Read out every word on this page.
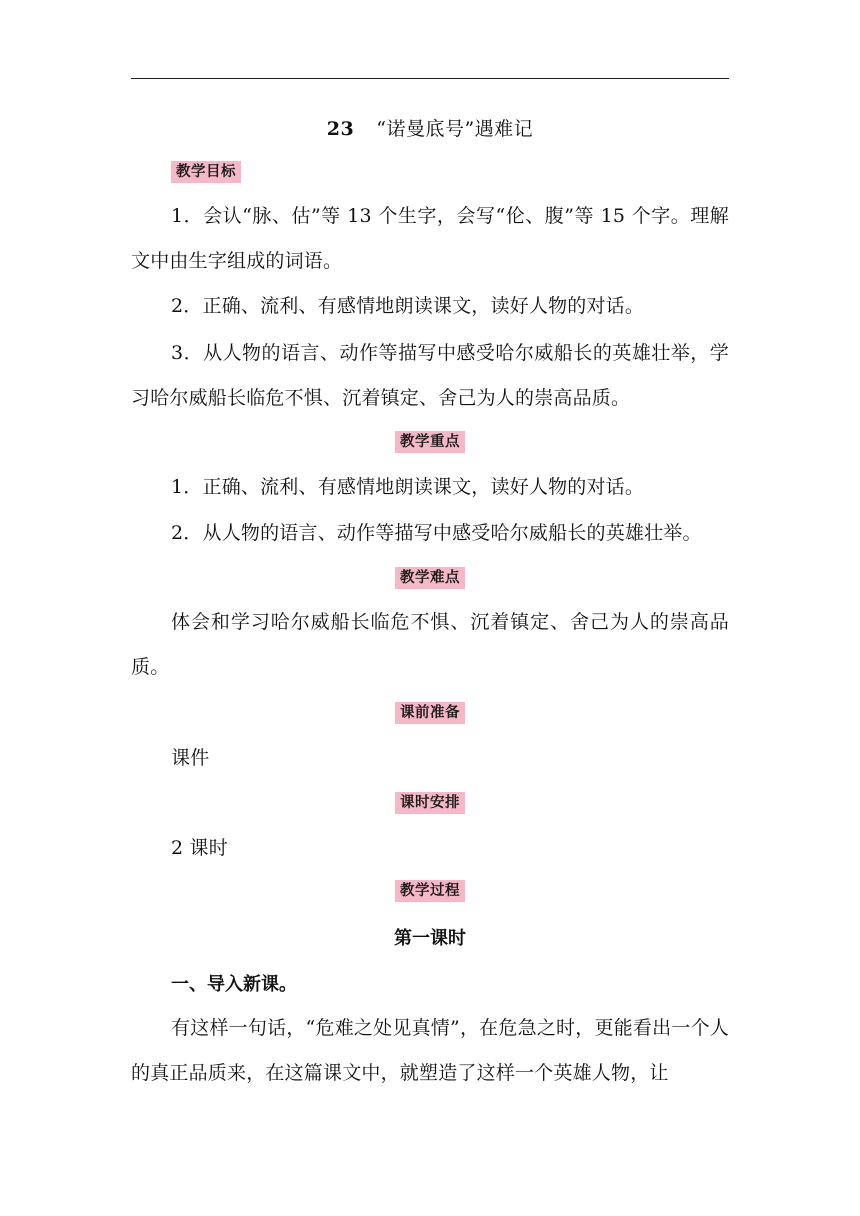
23 “诺曼底号”遇难记
教学目标
1．会认“脉、估”等 13 个生字，会写“伦、腹”等 15 个字。理解文中由生字组成的词语。
2．正确、流利、有感情地朗读课文，读好人物的对话。
3．从人物的语言、动作等描写中感受哈尔威船长的英雄壮举，学习哈尔威船长临危不惧、沉着镇定、舍己为人的崇高品质。
教学重点
1．正确、流利、有感情地朗读课文，读好人物的对话。
2．从人物的语言、动作等描写中感受哈尔威船长的英雄壮举。
教学难点
体会和学习哈尔威船长临危不惧、沉着镇定、舍己为人的崇高品质。
课前准备
课件
课时安排
2 课时
教学过程
第一课时
一、导入新课。
有这样一句话，“危难之处见真情”，在危急之时，更能看出一个人的真正品质来，在这篇课文中，就塑造了这样一个英雄人物，让
